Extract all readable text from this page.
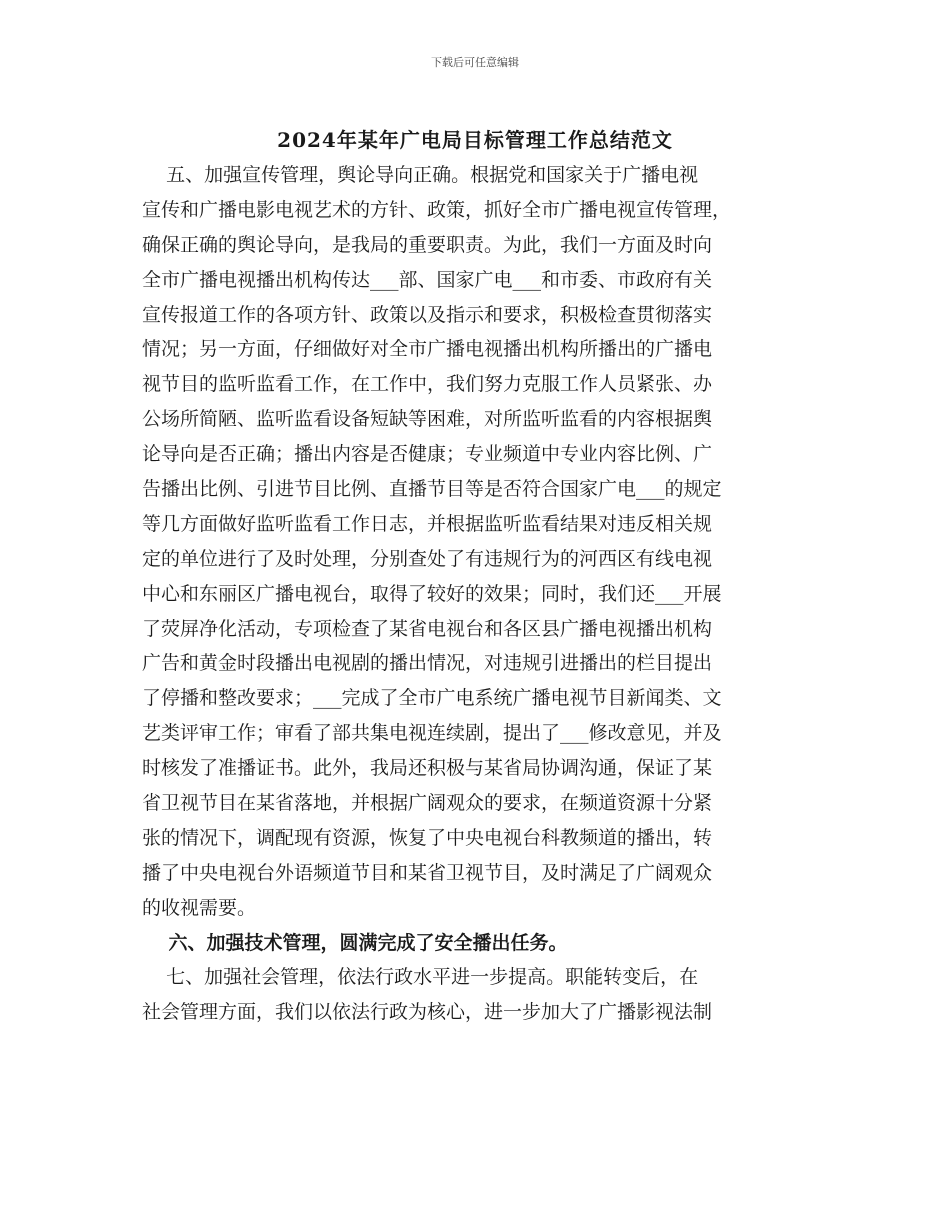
下载后可任意编辑
2024年某年广电局目标管理工作总结范文
五、加强宣传管理，舆论导向正确。根据党和国家关于广播电视
宣传和广播电影电视艺术的方针、政策，抓好全市广播电视宣传管理，
确保正确的舆论导向，是我局的重要职责。为此，我们一方面及时向
全市广播电视播出机构传达___部、国家广电___和市委、市政府有关
宣传报道工作的各项方针、政策以及指示和要求，积极检查贯彻落实
情况；另一方面，仔细做好对全市广播电视播出机构所播出的广播电
视节目的监听监看工作，在工作中，我们努力克服工作人员紧张、办
公场所简陋、监听监看设备短缺等困难，对所监听监看的内容根据舆
论导向是否正确；播出内容是否健康；专业频道中专业内容比例、广
告播出比例、引进节目比例、直播节目等是否符合国家广电___的规定
等几方面做好监听监看工作日志，并根据监听监看结果对违反相关规
定的单位进行了及时处理，分别查处了有违规行为的河西区有线电视
中心和东丽区广播电视台，取得了较好的效果；同时，我们还___开展
了荧屏净化活动，专项检查了某省电视台和各区县广播电视播出机构
广告和黄金时段播出电视剧的播出情况，对违规引进播出的栏目提出
了停播和整改要求；___完成了全市广电系统广播电视节目新闻类、文
艺类评审工作；审看了部共集电视连续剧，提出了___修改意见，并及
时核发了准播证书。此外，我局还积极与某省局协调沟通，保证了某
省卫视节目在某省落地，并根据广阔观众的要求，在频道资源十分紧
张的情况下，调配现有资源，恢复了中央电视台科教频道的播出，转
播了中央电视台外语频道节目和某省卫视节目，及时满足了广阔观众
的收视需要。
六、加强技术管理，圆满完成了安全播出任务。
七、加强社会管理，依法行政水平进一步提高。职能转变后，在
社会管理方面，我们以依法行政为核心，进一步加大了广播影视法制
